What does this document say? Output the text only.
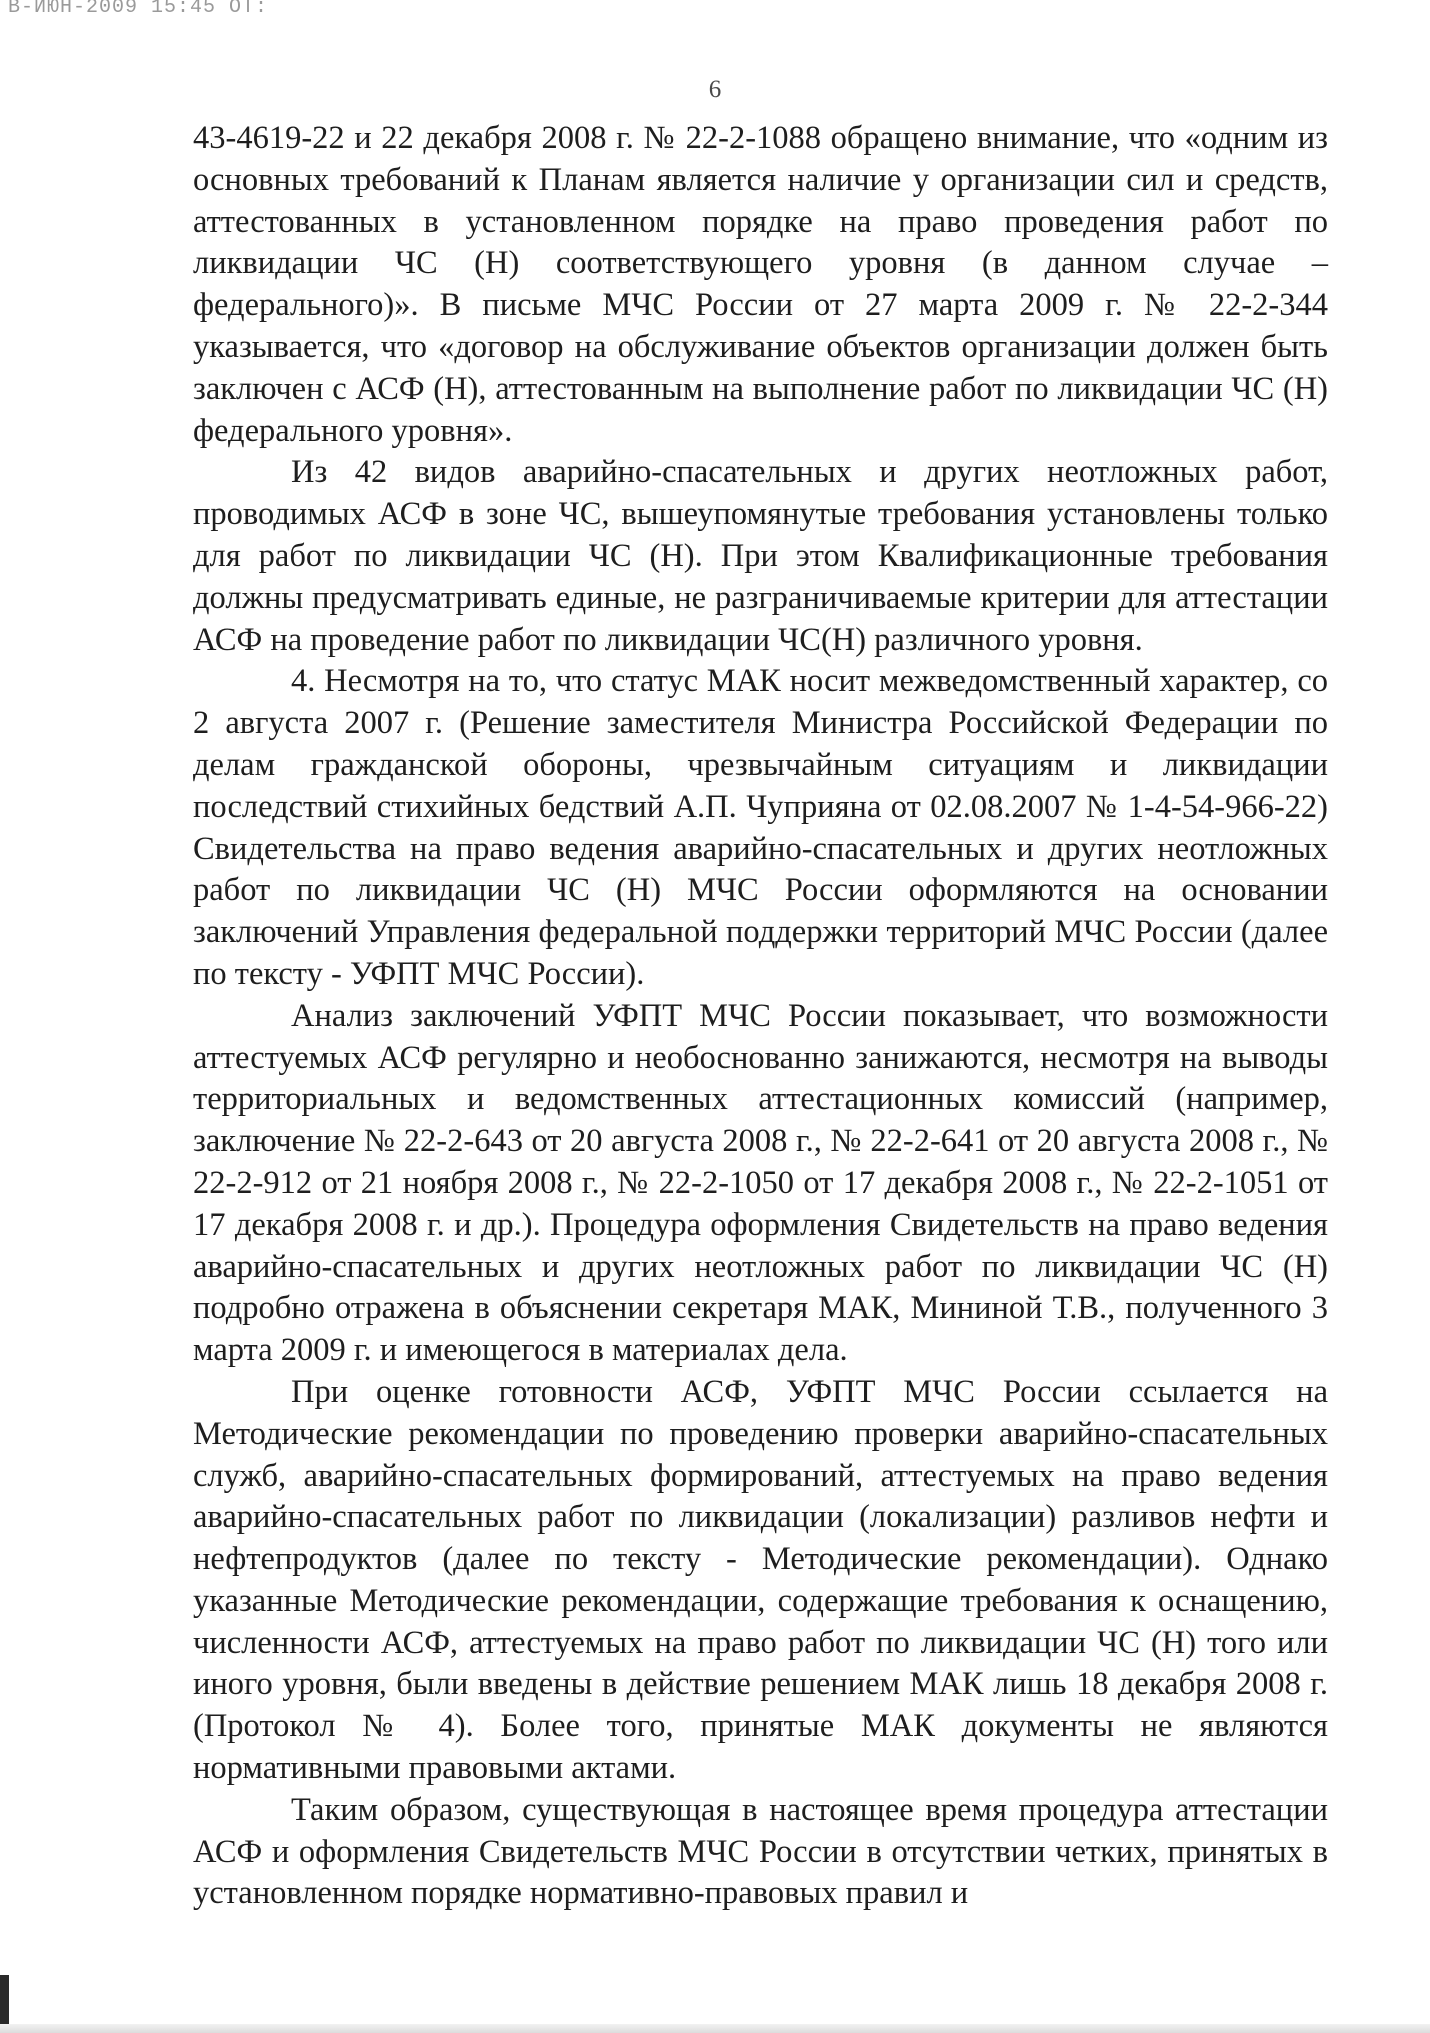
В-ИЮН-2009 15:45 ОТ:
6

43-4619-22 и 22 декабря 2008 г. № 22-2-1088 обращено внимание, что «одним из основных требований к Планам является наличие у организации сил и средств, аттестованных в установленном порядке на право проведения работ по ликвидации ЧС (Н) соответствующего уровня (в данном случае – федерального)». В письме МЧС России от 27 марта 2009 г. № 22-2-344 указывается, что «договор на обслуживание объектов организации должен быть заключен с АСФ (Н), аттестованным на выполнение работ по ликвидации ЧС (Н) федерального уровня».

Из 42 видов аварийно-спасательных и других неотложных работ, проводимых АСФ в зоне ЧС, вышеупомянутые требования установлены только для работ по ликвидации ЧС (Н). При этом Квалификационные требования должны предусматривать единые, не разграничиваемые критерии для аттестации АСФ на проведение работ по ликвидации ЧС(Н) различного уровня.

4. Несмотря на то, что статус МАК носит межведомственный характер, со 2 августа 2007 г. (Решение заместителя Министра Российской Федерации по делам гражданской обороны, чрезвычайным ситуациям и ликвидации последствий стихийных бедствий А.П. Чуприяна от 02.08.2007 № 1-4-54-966-22) Свидетельства на право ведения аварийно-спасательных и других неотложных работ по ликвидации ЧС (Н) МЧС России оформляются на основании заключений Управления федеральной поддержки территорий МЧС России (далее по тексту - УФПТ МЧС России).

Анализ заключений УФПТ МЧС России показывает, что возможности аттестуемых АСФ регулярно и необоснованно занижаются, несмотря на выводы территориальных и ведомственных аттестационных комиссий (например, заключение № 22-2-643 от 20 августа 2008 г., № 22-2-641 от 20 августа 2008 г., № 22-2-912 от 21 ноября 2008 г., № 22-2-1050 от 17 декабря 2008 г., № 22-2-1051 от 17 декабря 2008 г. и др.). Процедура оформления Свидетельств на право ведения аварийно-спасательных и других неотложных работ по ликвидации ЧС (Н) подробно отражена в объяснении секретаря МАК, Мининой Т.В., полученного 3 марта 2009 г. и имеющегося в материалах дела.

При оценке готовности АСФ, УФПТ МЧС России ссылается на Методические рекомендации по проведению проверки аварийно-спасательных служб, аварийно-спасательных формирований, аттестуемых на право ведения аварийно-спасательных работ по ликвидации (локализации) разливов нефти и нефтепродуктов (далее по тексту - Методические рекомендации). Однако указанные Методические рекомендации, содержащие требования к оснащению, численности АСФ, аттестуемых на право работ по ликвидации ЧС (Н) того или иного уровня, были введены в действие решением МАК лишь 18 декабря 2008 г. (Протокол № 4). Более того, принятые МАК документы не являются нормативными правовыми актами.

Таким образом, существующая в настоящее время процедура аттестации АСФ и оформления Свидетельств МЧС России в отсутствии четких, принятых в установленном порядке нормативно-правовых правил и
